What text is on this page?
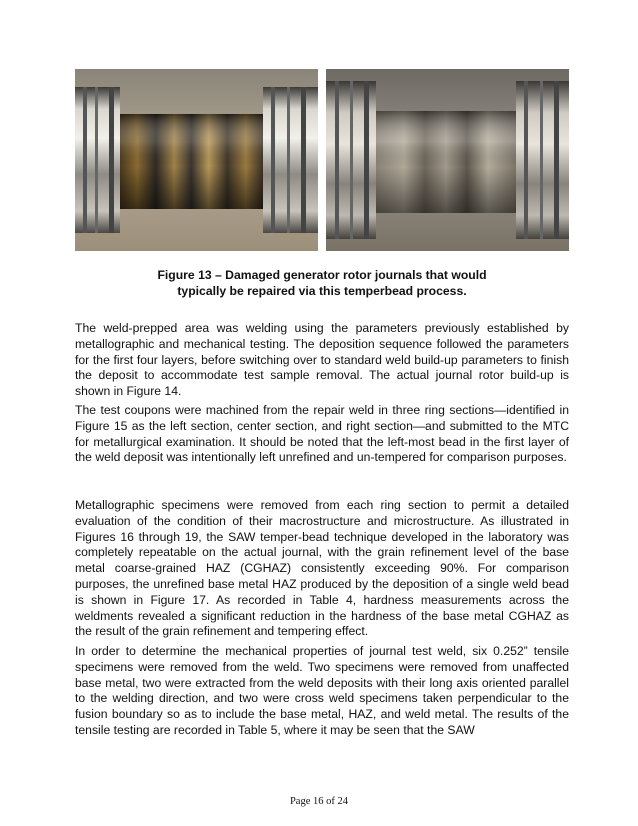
Figure 13 – Damaged generator rotor journals that would
typically be repaired via this temperbead process.

The weld-prepped area was welding using the parameters previously established by metallographic and mechanical testing. The deposition sequence followed the parameters for the first four layers, before switching over to standard weld build-up parameters to finish the deposit to accommodate test sample removal. The actual journal rotor build-up is shown in Figure 14.

The test coupons were machined from the repair weld in three ring sections—identified in Figure 15 as the left section, center section, and right section—and submitted to the MTC for metallurgical examination. It should be noted that the left-most bead in the first layer of the weld deposit was intentionally left unrefined and un-tempered for comparison purposes.

Metallographic specimens were removed from each ring section to permit a detailed evaluation of the condition of their macrostructure and microstructure. As illustrated in Figures 16 through 19, the SAW temper-bead technique developed in the laboratory was completely repeatable on the actual journal, with the grain refinement level of the base metal coarse-grained HAZ (CGHAZ) consistently exceeding 90%. For comparison purposes, the unrefined base metal HAZ produced by the deposition of a single weld bead is shown in Figure 17. As recorded in Table 4, hardness measurements across the weldments revealed a significant reduction in the hardness of the base metal CGHAZ as the result of the grain refinement and tempering effect.

In order to determine the mechanical properties of journal test weld, six 0.252” tensile specimens were removed from the weld. Two specimens were removed from unaffected base metal, two were extracted from the weld deposits with their long axis oriented parallel to the welding direction, and two were cross weld specimens taken perpendicular to the fusion boundary so as to include the base metal, HAZ, and weld metal. The results of the tensile testing are recorded in Table 5, where it may be seen that the SAW

Page 16 of 24
